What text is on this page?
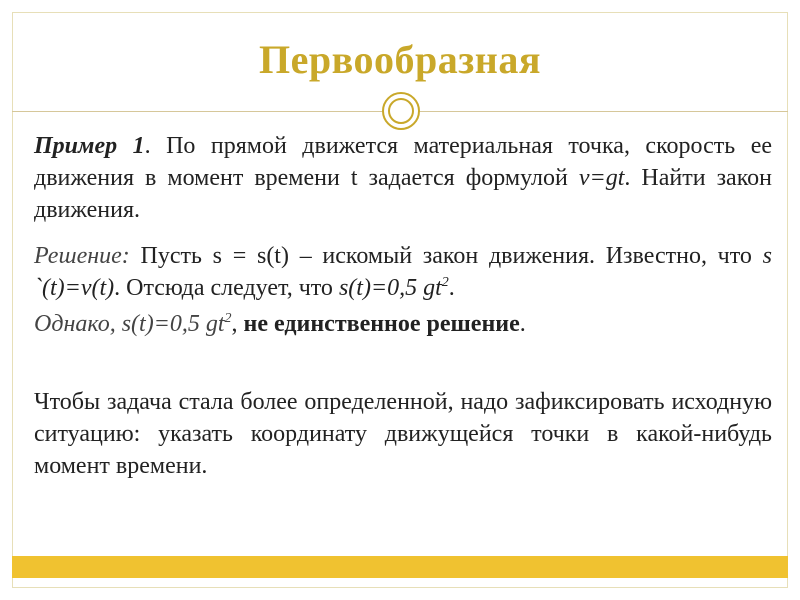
Первообразная
Пример 1. По прямой движется материальная точка, скорость ее движения в момент времени t задается формулой v=gt. Найти закон движения.
Решение: Пусть s = s(t) – искомый закон движения. Известно, что s `(t)=v(t). Отсюда следует, что s(t)=0,5 $gt^2$.
Однако, s(t)=0,5 $gt^2$, не единственное решение.
Чтобы задача стала более определенной, надо зафиксировать исходную ситуацию: указать координату движущейся точки в какой-нибудь момент времени.
